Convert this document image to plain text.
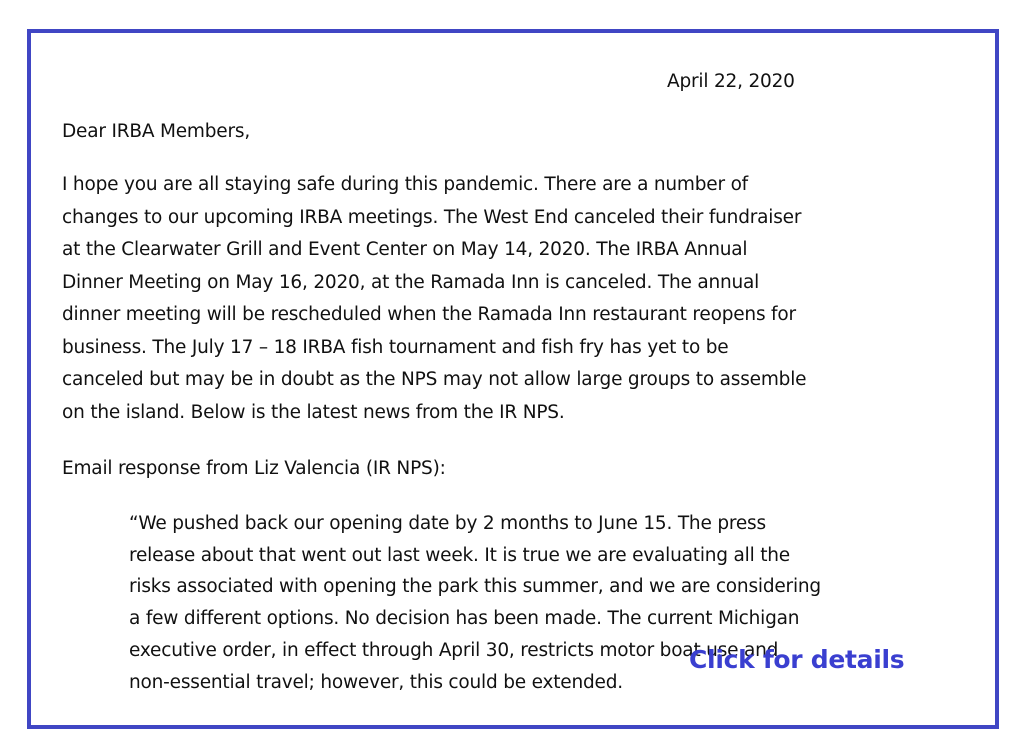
April 22, 2020
Dear IRBA Members,
I hope you are all staying safe during this pandemic. There are a number of
changes to our upcoming IRBA meetings. The West End canceled their fundraiser
at the Clearwater Grill and Event Center on May 14, 2020. The IRBA Annual
Dinner Meeting on May 16, 2020, at the Ramada Inn is canceled. The annual
dinner meeting will be rescheduled when the Ramada Inn restaurant reopens for
business. The July 17 – 18 IRBA fish tournament and fish fry has yet to be
canceled but may be in doubt as the NPS may not allow large groups to assemble
on the island. Below is the latest news from the IR NPS.
Email response from Liz Valencia (IR NPS):
“We pushed back our opening date by 2 months to June 15. The press
release about that went out last week. It is true we are evaluating all the
risks associated with opening the park this summer, and we are considering
a few different options. No decision has been made. The current Michigan
executive order, in effect through April 30, restricts motor boat use and
non-essential travel; however, this could be extended.
Click for details
